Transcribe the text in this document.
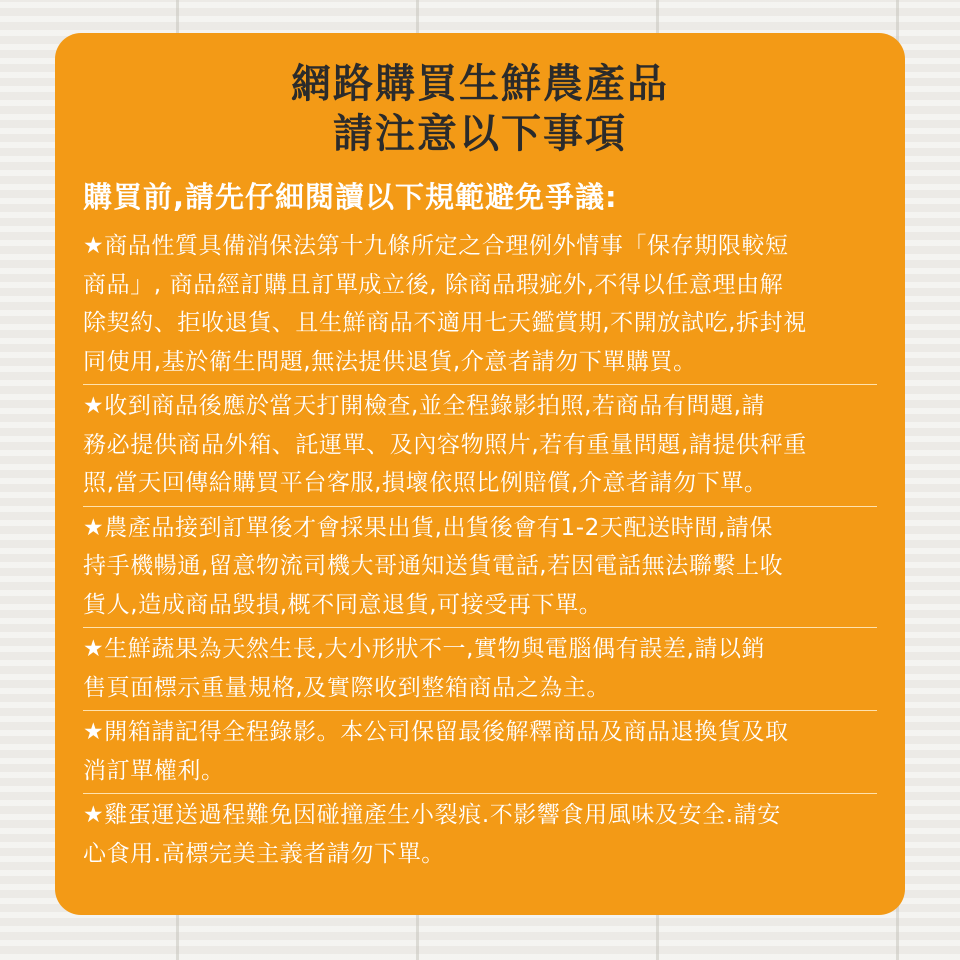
網路購買生鮮農產品
請注意以下事項
購買前,請先仔細閱讀以下規範避免爭議:
★商品性質具備消保法第十九條所定之合理例外情事「保存期限較短
商品」, 商品經訂購且訂單成立後, 除商品瑕疵外,不得以任意理由解
除契約、拒收退貨、且生鮮商品不適用七天鑑賞期,不開放試吃,拆封視
同使用,基於衛生問題,無法提供退貨,介意者請勿下單購買。
★收到商品後應於當天打開檢查,並全程錄影拍照,若商品有問題,請
務必提供商品外箱、託運單、及內容物照片,若有重量問題,請提供秤重
照,當天回傳給購買平台客服,損壞依照比例賠償,介意者請勿下單。
★農產品接到訂單後才會採果出貨,出貨後會有1-2天配送時間,請保
持手機暢通,留意物流司機大哥通知送貨電話,若因電話無法聯繫上收
貨人,造成商品毀損,概不同意退貨,可接受再下單。
★生鮮蔬果為天然生長,大小形狀不一,實物與電腦偶有誤差,請以銷
售頁面標示重量規格,及實際收到整箱商品之為主。
★開箱請記得全程錄影。本公司保留最後解釋商品及商品退換貨及取
消訂單權利。
★雞蛋運送過程難免因碰撞產生小裂痕.不影響食用風味及安全.請安
心食用.高標完美主義者請勿下單。
